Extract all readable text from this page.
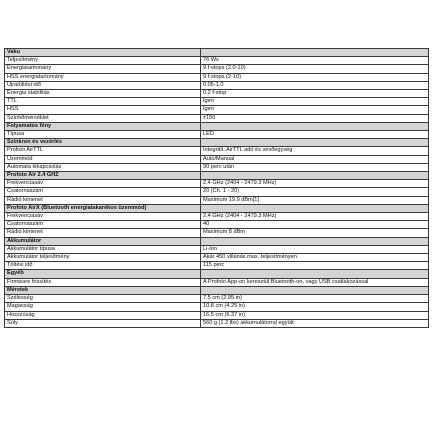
Vaku	
Teljesítmény	76 Ws
Energiatartomány	9 f-stops (2.0-10)
HSS energiatartomány	9 f-stops (2-10)
Újratöltési idő	0.05-1.0
Energia stabilitás	0.2 f-stop
TTL	Igen
HSS	Igen
Színhőmérséklet	±150
Folyamatos fény	
Típusa	LED
Szinkron és vezérlés	
Profoto AirTTL	Integrált. AirTTL adó és vevőegység
Üzemmód	Auto/Manual
Automata kikapcsolás	90 perc után
Profoto Air 2.4 GHZ	
Frekvenciasáv	2.4 GHz (2404 - 2479.3 MHz)
Csatornaszám	20 (Ch. 1 - 20)
Rádió kimenet	Maximum 19.9 dBm[1]
Profoto AirX (Bluetooth energiatakarékos üzemmód)	
Frekvenciasáv	2.4 GHz (2404 - 2479.3 MHz)
Csatornaszám	40
Rádió kimenet	Maximum 8 dBm
Akkumulátor	
Akkumulátor típusa	Li-Ion
Akkumulátor teljesítmény	Akár 450 villanás max. teljesítményen
Töltési idő	115 perc
Egyéb	
Firmware frissítés	A Profoto App-on keresztül Bluetooth-on, vagy USB csatlakozással
Méretek	
Szélesség	7.5 cm (2.95 in)
Magasság	10.8 cm (4.25 in)
Hosszúság	16.5 cm (6.37 in)
Súly	560 g (1.2 lbs) akkumulátorral együtt
